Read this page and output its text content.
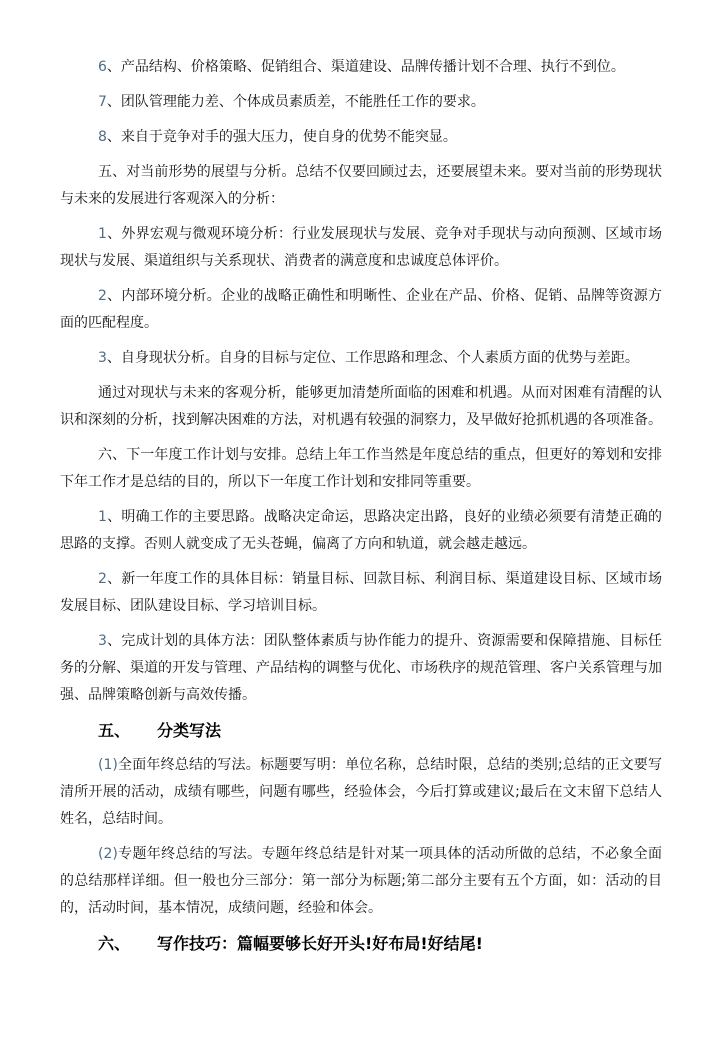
6、产品结构、价格策略、促销组合、渠道建设、品牌传播计划不合理、执行不到位。

7、团队管理能力差、个体成员素质差，不能胜任工作的要求。

8、来自于竞争对手的强大压力，使自身的优势不能突显。

五、对当前形势的展望与分析。总结不仅要回顾过去，还要展望未来。要对当前的形势现状与未来的发展进行客观深入的分析：

1、外界宏观与微观环境分析：行业发展现状与发展、竞争对手现状与动向预测、区域市场现状与发展、渠道组织与关系现状、消费者的满意度和忠诚度总体评价。

2、内部环境分析。企业的战略正确性和明晰性、企业在产品、价格、促销、品牌等资源方面的匹配程度。

3、自身现状分析。自身的目标与定位、工作思路和理念、个人素质方面的优势与差距。

通过对现状与未来的客观分析，能够更加清楚所面临的困难和机遇。从而对困难有清醒的认识和深刻的分析，找到解决困难的方法，对机遇有较强的洞察力，及早做好抢抓机遇的各项准备。

六、下一年度工作计划与安排。总结上年工作当然是年度总结的重点，但更好的筹划和安排下年工作才是总结的目的，所以下一年度工作计划和安排同等重要。

1、明确工作的主要思路。战略决定命运，思路决定出路，良好的业绩必须要有清楚正确的思路的支撑。否则人就变成了无头苍蝇，偏离了方向和轨道，就会越走越远。

2、新一年度工作的具体目标：销量目标、回款目标、利润目标、渠道建设目标、区域市场发展目标、团队建设目标、学习培训目标。

3、完成计划的具体方法：团队整体素质与协作能力的提升、资源需要和保障措施、目标任务的分解、渠道的开发与管理、产品结构的调整与优化、市场秩序的规范管理、客户关系管理与加强、品牌策略创新与高效传播。

五、 分类写法

(1)全面年终总结的写法。标题要写明：单位名称，总结时限，总结的类别;总结的正文要写清所开展的活动，成绩有哪些，问题有哪些，经验体会，今后打算或建议;最后在文末留下总结人姓名，总结时间。

(2)专题年终总结的写法。专题年终总结是针对某一项具体的活动所做的总结，不必象全面的总结那样详细。但一般也分三部分：第一部分为标题;第二部分主要有五个方面，如：活动的目的，活动时间，基本情况，成绩问题，经验和体会。

六、 写作技巧：篇幅要够长好开头!好布局!好结尾!
